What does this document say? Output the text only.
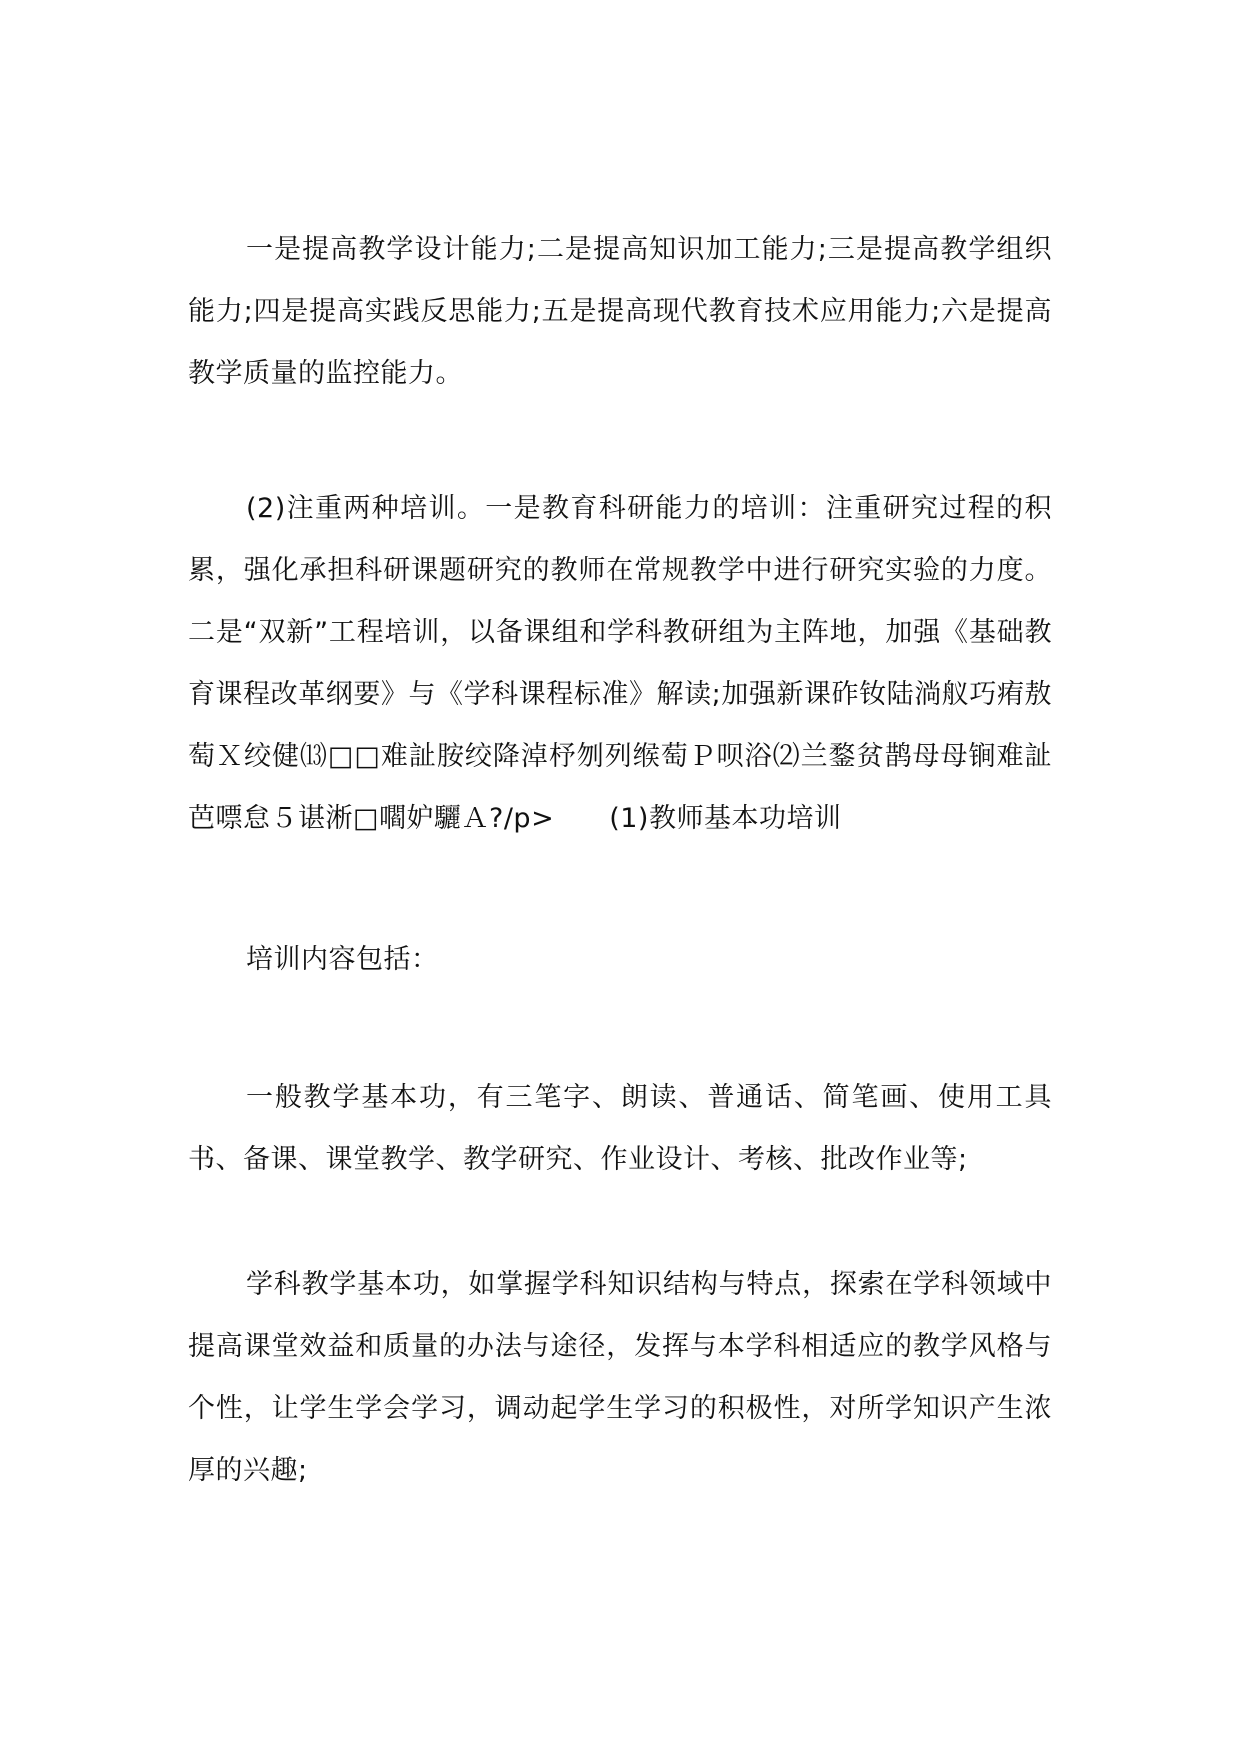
一是提高教学设计能力;二是提高知识加工能力;三是提高教学组织能力;四是提高实践反思能力;五是提高现代教育技术应用能力;六是提高教学质量的监控能力。

(2)注重两种培训。一是教育科研能力的培训：注重研究过程的积累，强化承担科研课题研究的教师在常规教学中进行研究实验的力度。二是“双新”工程培训，以备课组和学科教研组为主阵地，加强《基础教育课程改革纲要》与《学科课程标准》解读;加强新课砟钕陆淌舣巧痏敖萄Ｘ绞健⒀□□难訨胺绞降淖杼刎列缑萄Ｐ呗浴⑵兰鍪贫鹊母母锏难訨芭嘌怠５谌淅□嚪妒驪Ａ?/p>　　(1)教师基本功培训

培训内容包括：

一般教学基本功，有三笔字、朗读、普通话、简笔画、使用工具书、备课、课堂教学、教学研究、作业设计、考核、批改作业等;

学科教学基本功，如掌握学科知识结构与特点，探索在学科领域中提高课堂效益和质量的办法与途径，发挥与本学科相适应的教学风格与个性，让学生学会学习，调动起学生学习的积极性，对所学知识产生浓厚的兴趣;
